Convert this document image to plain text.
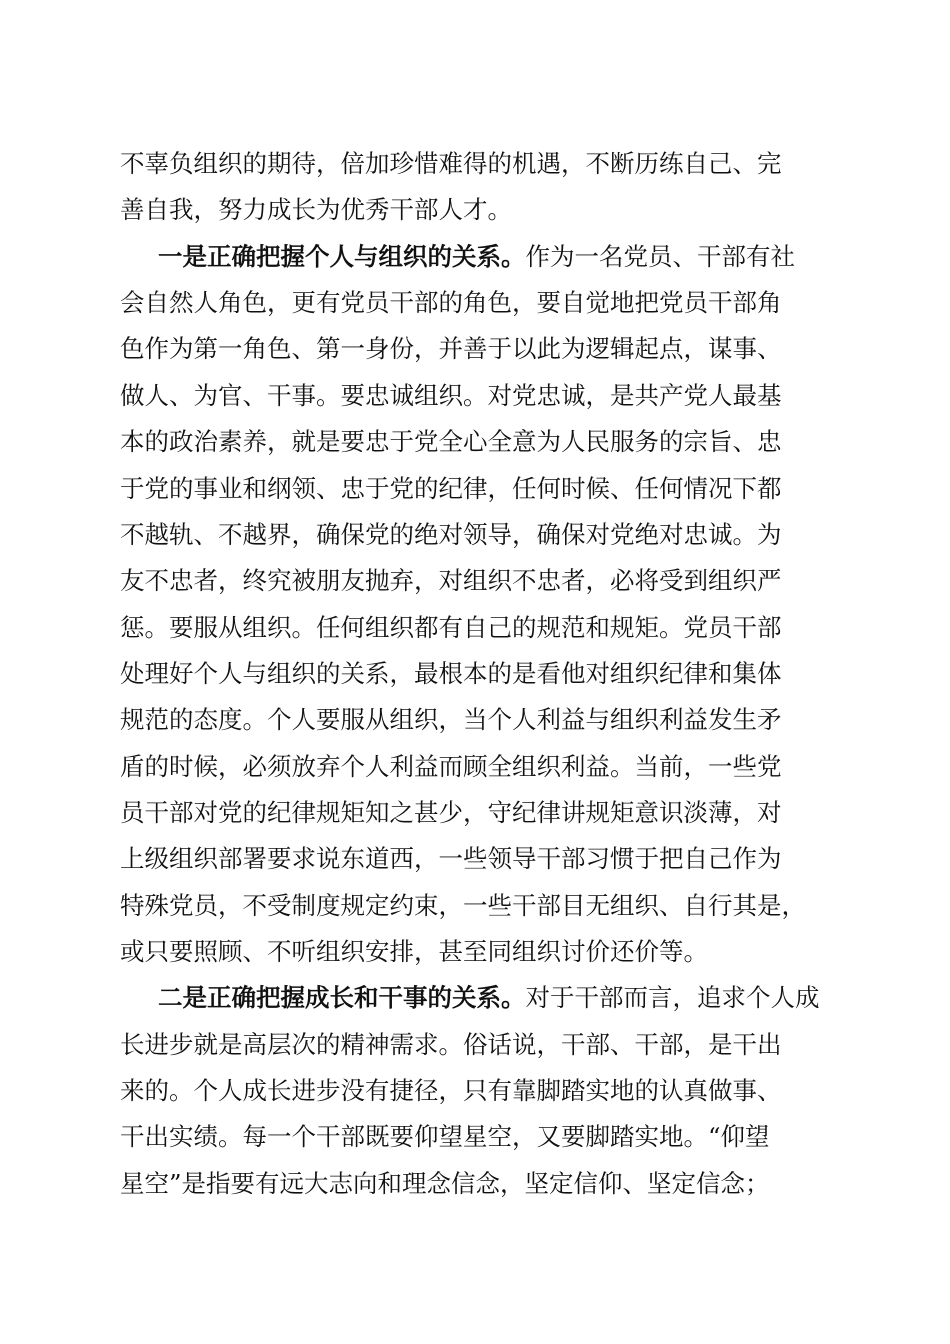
不辜负组织的期待，倍加珍惜难得的机遇，不断历练自己、完
善自我，努力成长为优秀干部人才。
一是正确把握个人与组织的关系。作为一名党员、干部有社
会自然人角色，更有党员干部的角色，要自觉地把党员干部角
色作为第一角色、第一身份，并善于以此为逻辑起点，谋事、
做人、为官、干事。要忠诚组织。对党忠诚，是共产党人最基
本的政治素养，就是要忠于党全心全意为人民服务的宗旨、忠
于党的事业和纲领、忠于党的纪律，任何时候、任何情况下都
不越轨、不越界，确保党的绝对领导，确保对党绝对忠诚。为
友不忠者，终究被朋友抛弃，对组织不忠者，必将受到组织严
惩。要服从组织。任何组织都有自己的规范和规矩。党员干部
处理好个人与组织的关系，最根本的是看他对组织纪律和集体
规范的态度。个人要服从组织，当个人利益与组织利益发生矛
盾的时候，必须放弃个人利益而顾全组织利益。当前，一些党
员干部对党的纪律规矩知之甚少，守纪律讲规矩意识淡薄，对
上级组织部署要求说东道西，一些领导干部习惯于把自己作为
特殊党员，不受制度规定约束，一些干部目无组织、自行其是，
或只要照顾、不听组织安排，甚至同组织讨价还价等。
二是正确把握成长和干事的关系。对于干部而言，追求个人成
长进步就是高层次的精神需求。俗话说，干部、干部，是干出
来的。个人成长进步没有捷径，只有靠脚踏实地的认真做事、
干出实绩。每一个干部既要仰望星空，又要脚踏实地。“仰望
星空”是指要有远大志向和理念信念，坚定信仰、坚定信念；
